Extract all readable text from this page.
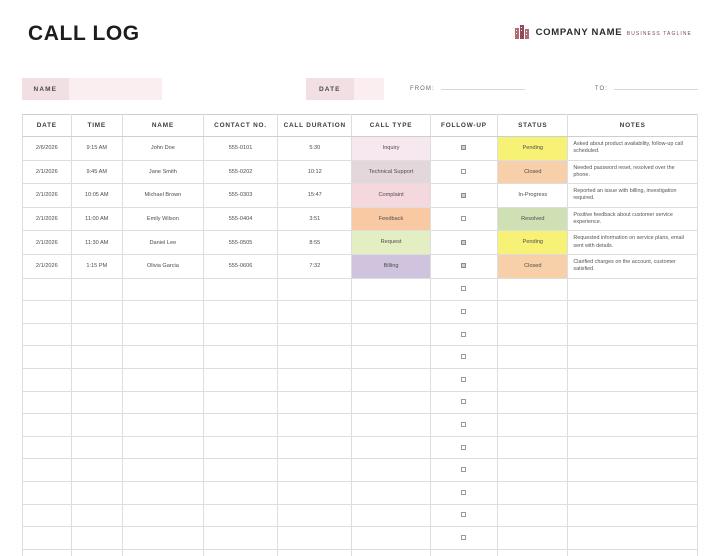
CALL LOG	COMPANY NAME BUSINESS TAGLINE
NAME	DATE	FROM:	TO:
DATE	TIME	NAME	CONTACT NO.	CALL DURATION	CALL TYPE	FOLLOW-UP	STATUS	NOTES
2/6/2026	9:15 AM	John Doe	555-0101	5:30	Inquiry		Pending	Asked about product availability, follow-up call scheduled.
2/1/2026	9:45 AM	Jane Smith	555-0202	10:12	Technical Support		Closed	Needed password reset, resolved over the phone.
2/1/2026	10:05 AM	Michael Brown	555-0303	15:47	Complaint		In-Progress	Reported an issue with billing, investigation required.
2/1/2026	11:00 AM	Emily Wilson	555-0404	3:51	Feedback		Resolved	Positive feedback about customer service experience.
2/1/2026	11:30 AM	Daniel Lee	555-0505	8:55	Request		Pending	Requested information on service plans, email sent with details.
2/1/2026	1:15 PM	Olivia Garcia	555-0606	7:32	Billing		Closed	Clarified charges on the account, customer satisfied.
